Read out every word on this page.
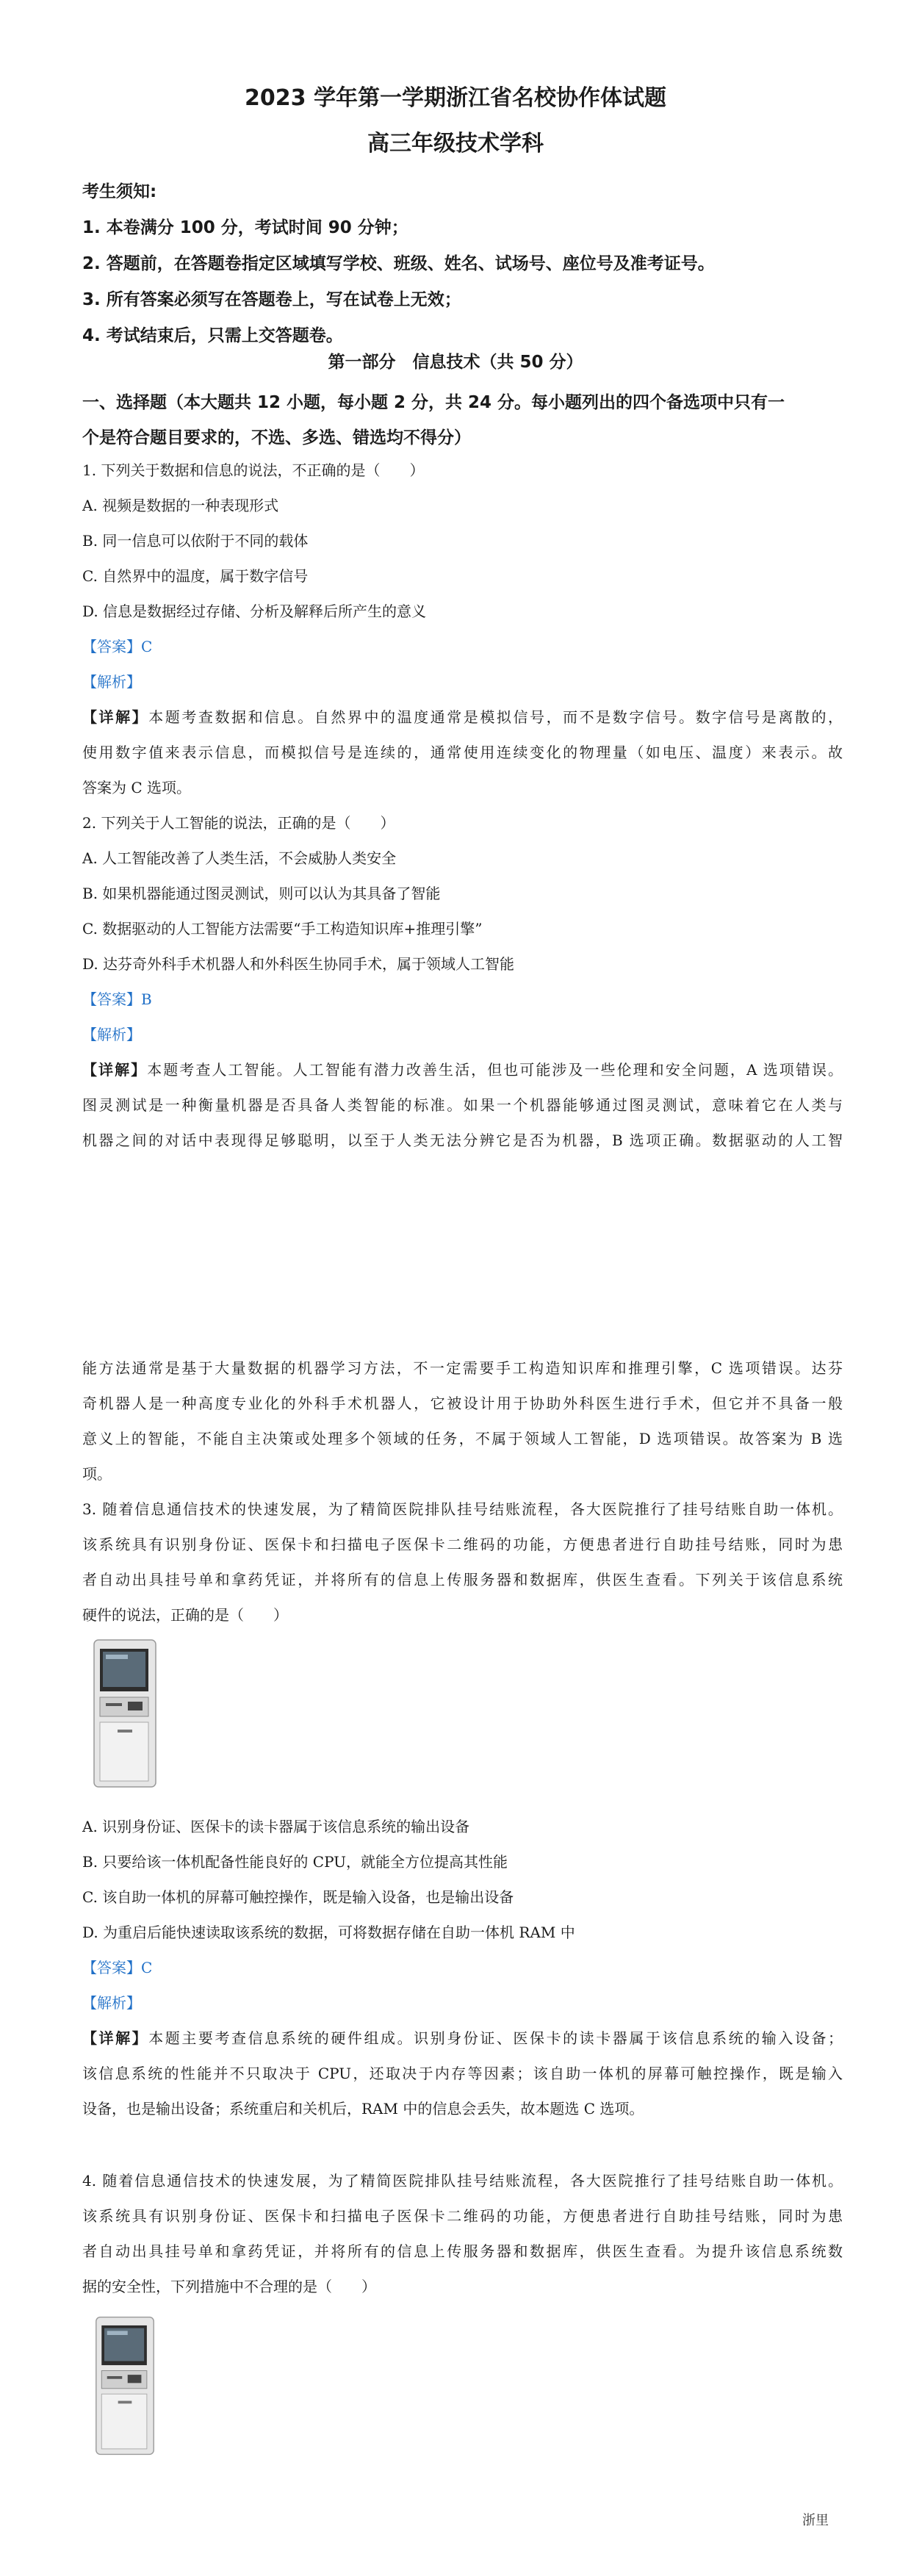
2023 学年第一学期浙江省名校协作体试题
高三年级技术学科
考生须知:
1. 本卷满分 100 分，考试时间 90 分钟；
2. 答题前，在答题卷指定区域填写学校、班级、姓名、试场号、座位号及准考证号。
3. 所有答案必须写在答题卷上，写在试卷上无效；
4. 考试结束后，只需上交答题卷。
第一部分　信息技术（共 50 分）
一、选择题（本大题共 12 小题，每小题 2 分，共 24 分。每小题列出的四个备选项中只有一
个是符合题目要求的，不选、多选、错选均不得分）
1. 下列关于数据和信息的说法，不正确的是（　　）
A. 视频是数据的一种表现形式
B. 同一信息可以依附于不同的载体
C. 自然界中的温度，属于数字信号
D. 信息是数据经过存储、分析及解释后所产生的意义
【答案】C
【解析】
【详解】本题考查数据和信息。自然界中的温度通常是模拟信号，而不是数字信号。数字信号是离散的，
使用数字值来表示信息，而模拟信号是连续的，通常使用连续变化的物理量（如电压、温度）来表示。故
答案为 C 选项。
2. 下列关于人工智能的说法，正确的是（　　）
A. 人工智能改善了人类生活，不会威胁人类安全
B. 如果机器能通过图灵测试，则可以认为其具备了智能
C. 数据驱动的人工智能方法需要“手工构造知识库+推理引擎”
D. 达芬奇外科手术机器人和外科医生协同手术，属于领域人工智能
【答案】B
【解析】
【详解】本题考查人工智能。人工智能有潜力改善生活，但也可能涉及一些伦理和安全问题，A 选项错误。
图灵测试是一种衡量机器是否具备人类智能的标准。如果一个机器能够通过图灵测试，意味着它在人类与
机器之间的对话中表现得足够聪明，以至于人类无法分辨它是否为机器，B 选项正确。数据驱动的人工智
能方法通常是基于大量数据的机器学习方法，不一定需要手工构造知识库和推理引擎，C 选项错误。达芬
奇机器人是一种高度专业化的外科手术机器人，它被设计用于协助外科医生进行手术，但它并不具备一般
意义上的智能，不能自主决策或处理多个领域的任务，不属于领域人工智能，D 选项错误。故答案为 B 选
项。
3. 随着信息通信技术的快速发展，为了精简医院排队挂号结账流程，各大医院推行了挂号结账自助一体机。
该系统具有识别身份证、医保卡和扫描电子医保卡二维码的功能，方便患者进行自助挂号结账，同时为患
者自动出具挂号单和拿药凭证，并将所有的信息上传服务器和数据库，供医生查看。下列关于该信息系统
硬件的说法，正确的是（　　）
A. 识别身份证、医保卡的读卡器属于该信息系统的输出设备
B. 只要给该一体机配备性能良好的 CPU，就能全方位提高其性能
C. 该自助一体机的屏幕可触控操作，既是输入设备，也是输出设备
D. 为重启后能快速读取该系统的数据，可将数据存储在自助一体机 RAM 中
【答案】C
【解析】
【详解】本题主要考查信息系统的硬件组成。识别身份证、医保卡的读卡器属于该信息系统的输入设备；
该信息系统的性能并不只取决于 CPU，还取决于内存等因素；该自助一体机的屏幕可触控操作，既是输入
设备，也是输出设备；系统重启和关机后，RAM 中的信息会丢失，故本题选 C 选项。
4. 随着信息通信技术的快速发展，为了精简医院排队挂号结账流程，各大医院推行了挂号结账自助一体机。
该系统具有识别身份证、医保卡和扫描电子医保卡二维码的功能，方便患者进行自助挂号结账，同时为患
者自动出具挂号单和拿药凭证，并将所有的信息上传服务器和数据库，供医生查看。为提升该信息系统数
据的安全性，下列措施中不合理的是（　　）
浙里
